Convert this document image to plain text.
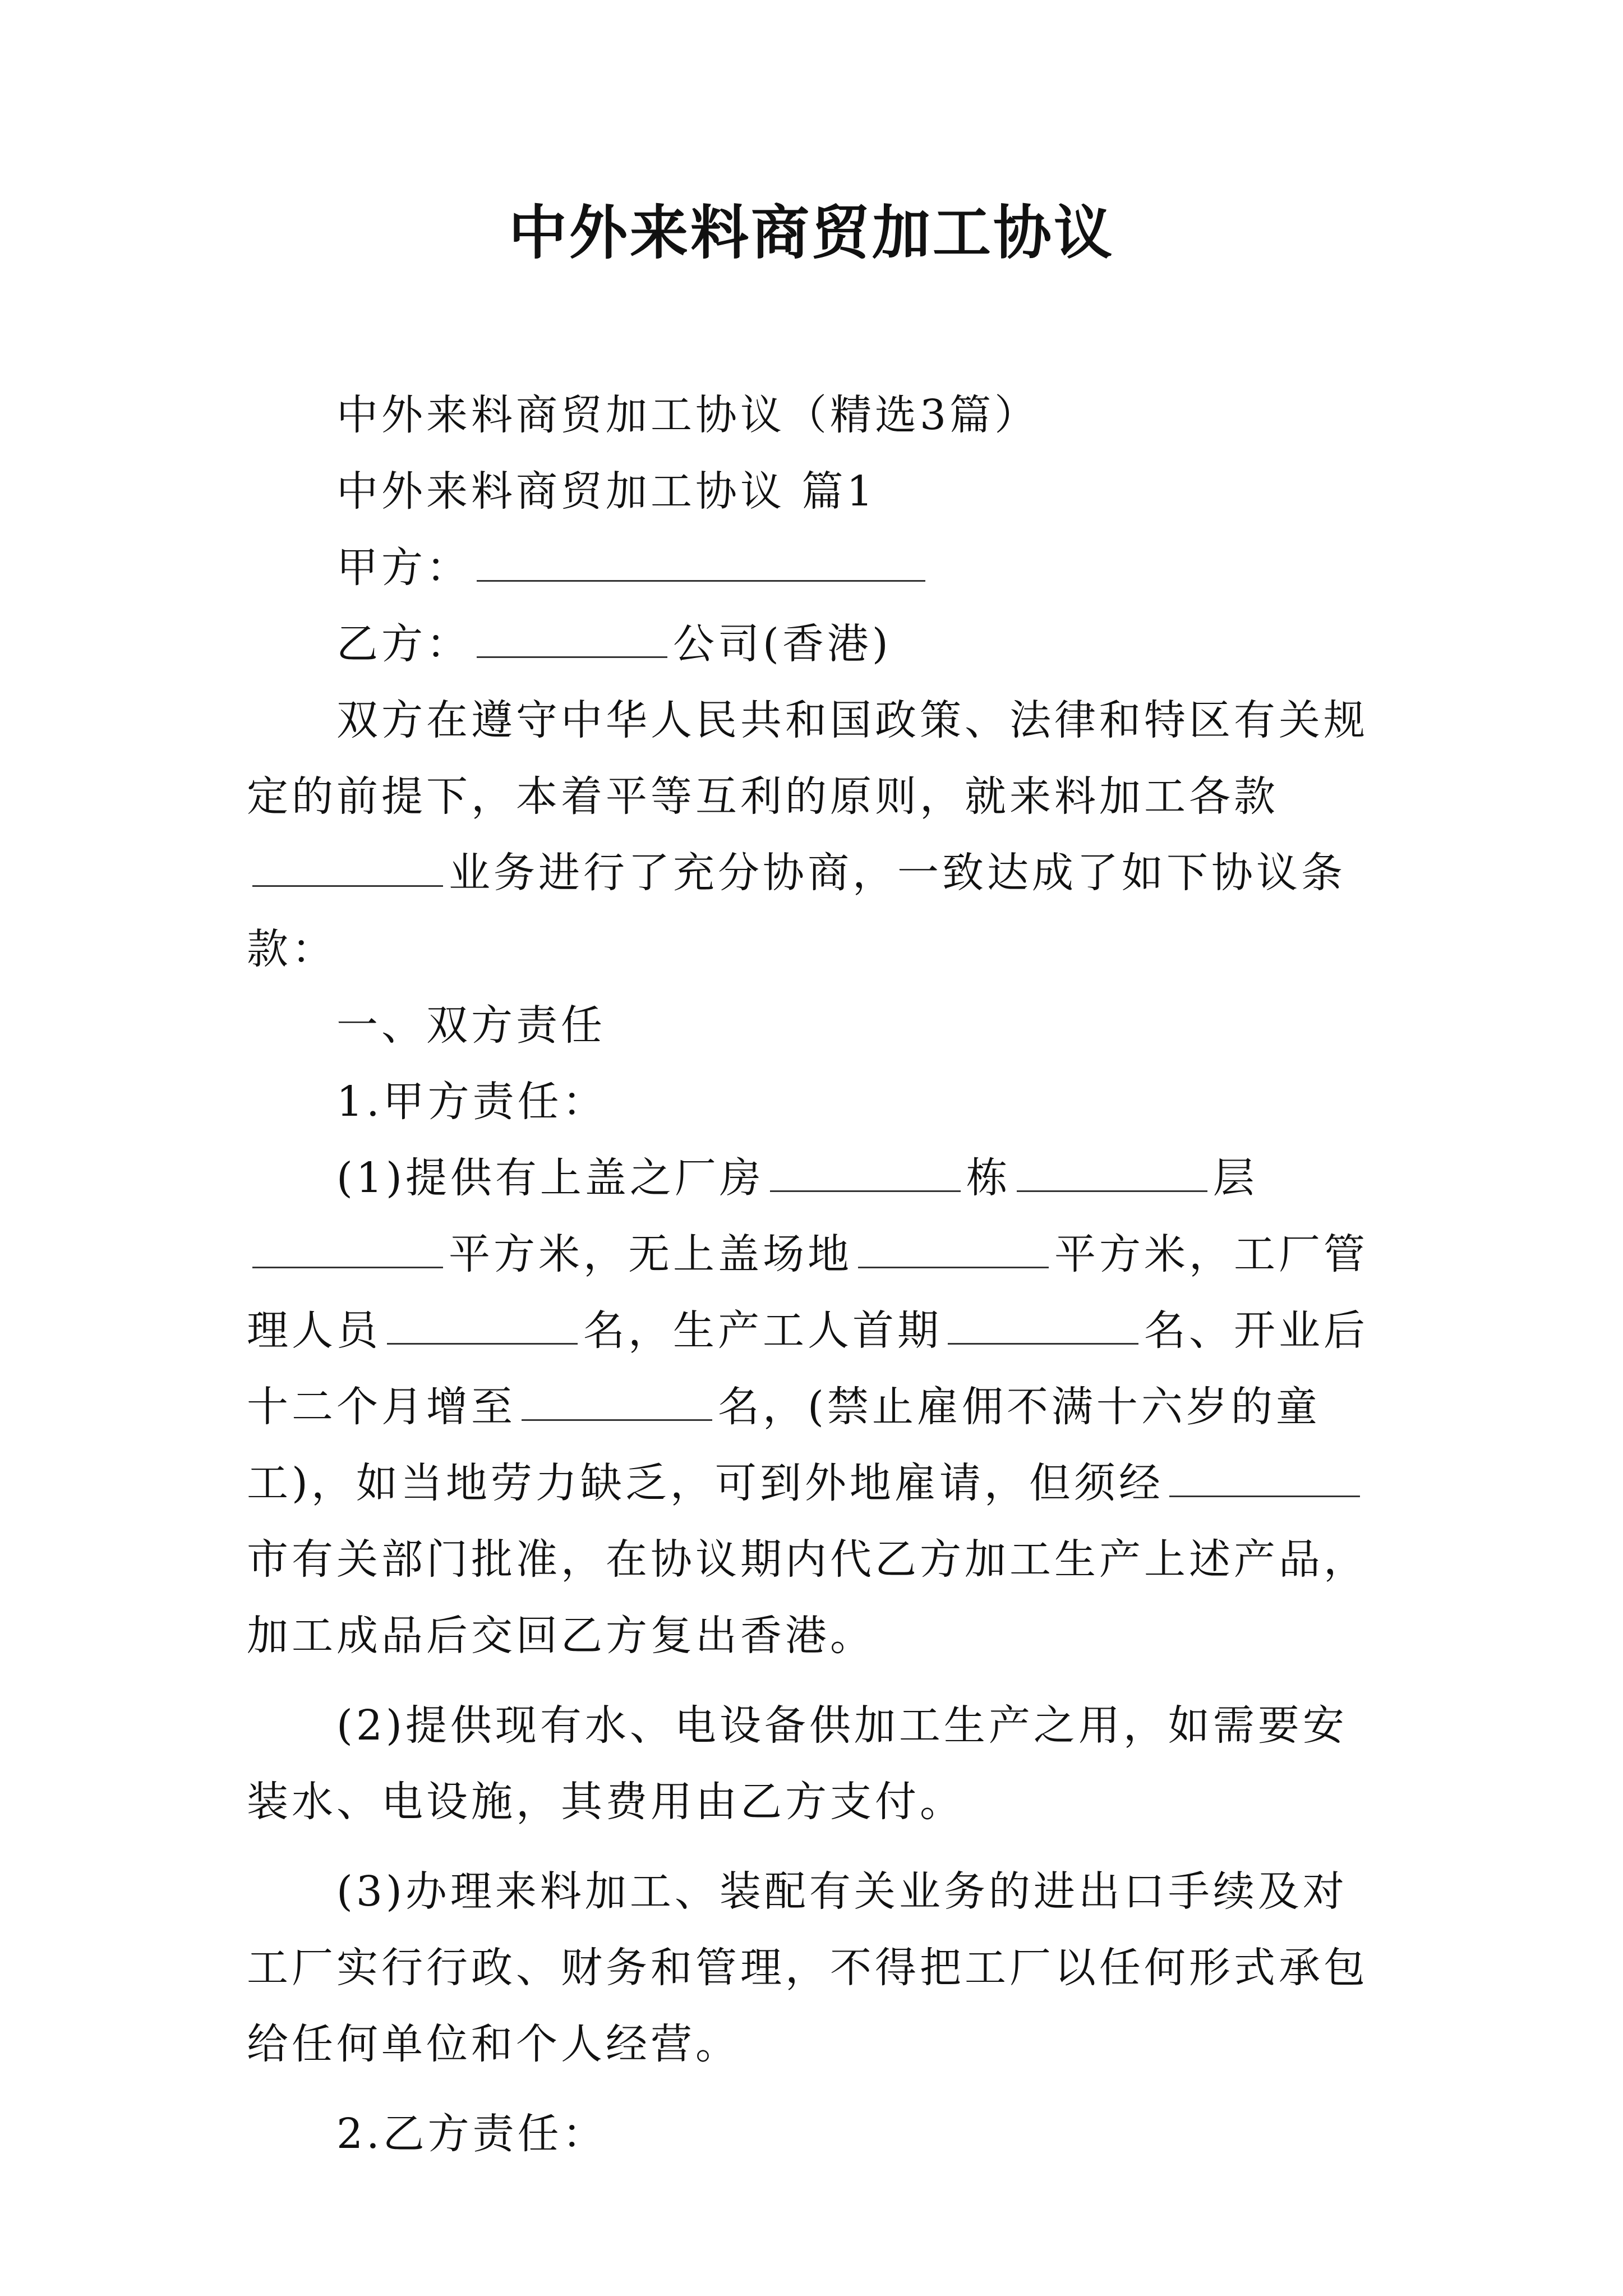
中外来料商贸加工协议

中外来料商贸加工协议（精选3篇）

中外来料商贸加工协议 篇1

甲方：

乙方：	公司(香港)

双方在遵守中华人民共和国政策、法律和特区有关规定的前提下，本着平等互利的原则，就来料加工各款业务进行了充分协商，一致达成了如下协议条款：

一、双方责任

1.甲方责任：

(1)提供有上盖之厂房	栋	层平方米，无上盖场地	平方米，工厂管理人员	名，生产工人首期	名、开业后十二个月增至	名，(禁止雇佣不满十六岁的童工)，如当地劳力缺乏，可到外地雇请，但须经市有关部门批准，在协议期内代乙方加工生产上述产品，加工成品后交回乙方复出香港。

(2)提供现有水、电设备供加工生产之用，如需要安装水、电设施，其费用由乙方支付。

(3)办理来料加工、装配有关业务的进出口手续及对工厂实行行政、财务和管理，不得把工厂以任何形式承包给任何单位和个人经营。

2.乙方责任：
